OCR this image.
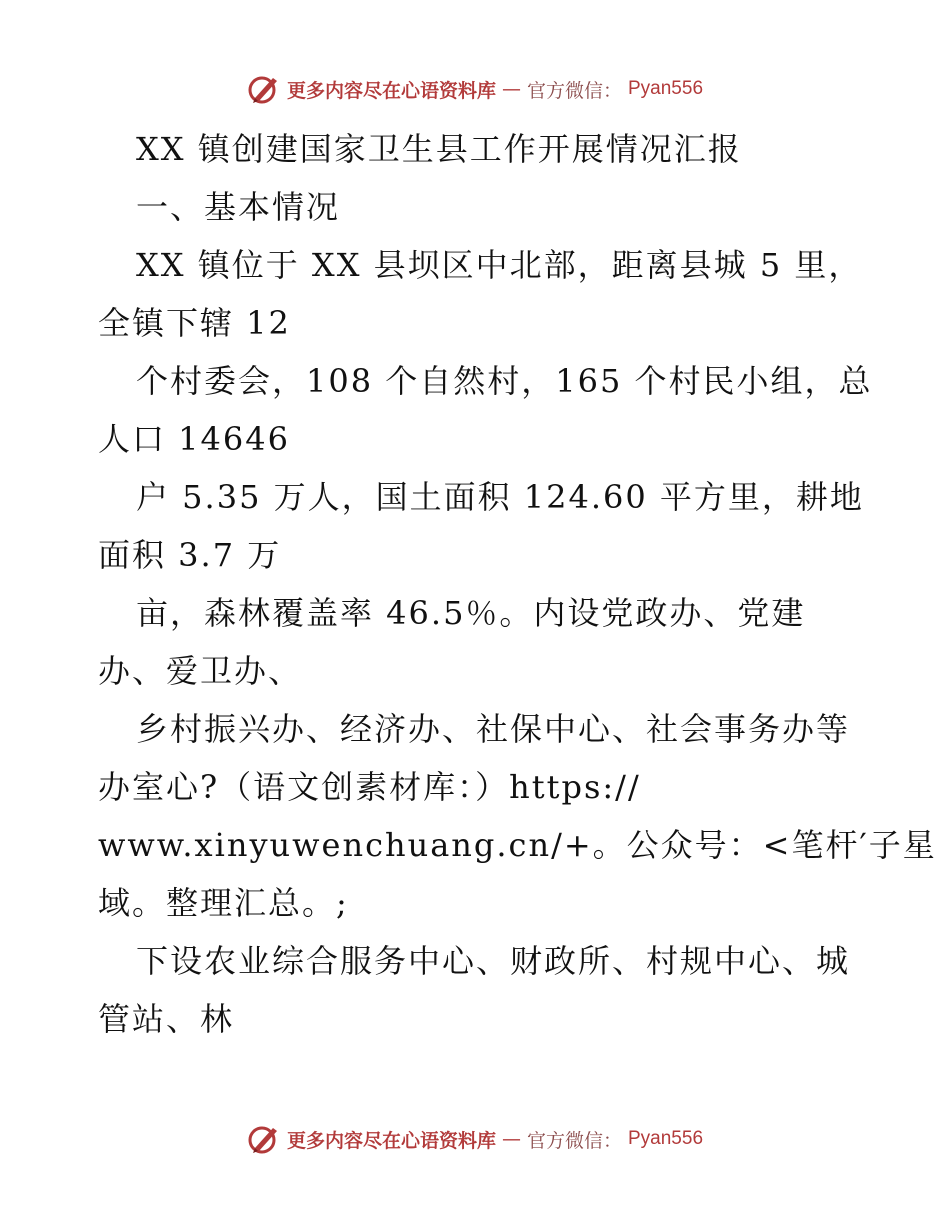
更多内容尽在心语资料库 — 官方微信： Pyan556
XX 镇创建国家卫生县工作开展情况汇报
一、基本情况
XX 镇位于 XX 县坝区中北部，距离县城 5 里，
全镇下辖 12
个村委会，108 个自然村，165 个村民小组，总
人口 14646
户 5.35 万人，国土面积 124.60 平方里，耕地
面积 3.7 万
亩，森林覆盖率 46.5％。内设党政办、党建
办、爱卫办、
乡村振兴办、经济办、社保中心、社会事务办等
办室心?（语文创素材库：）https://
www.xinyuwenchuang.cn/+。公众号：<笔杆′子星
域。整理汇总。;
下设农业综合服务中心、财政所、村规中心、城
管站、林
更多内容尽在心语资料库 — 官方微信： Pyan556
